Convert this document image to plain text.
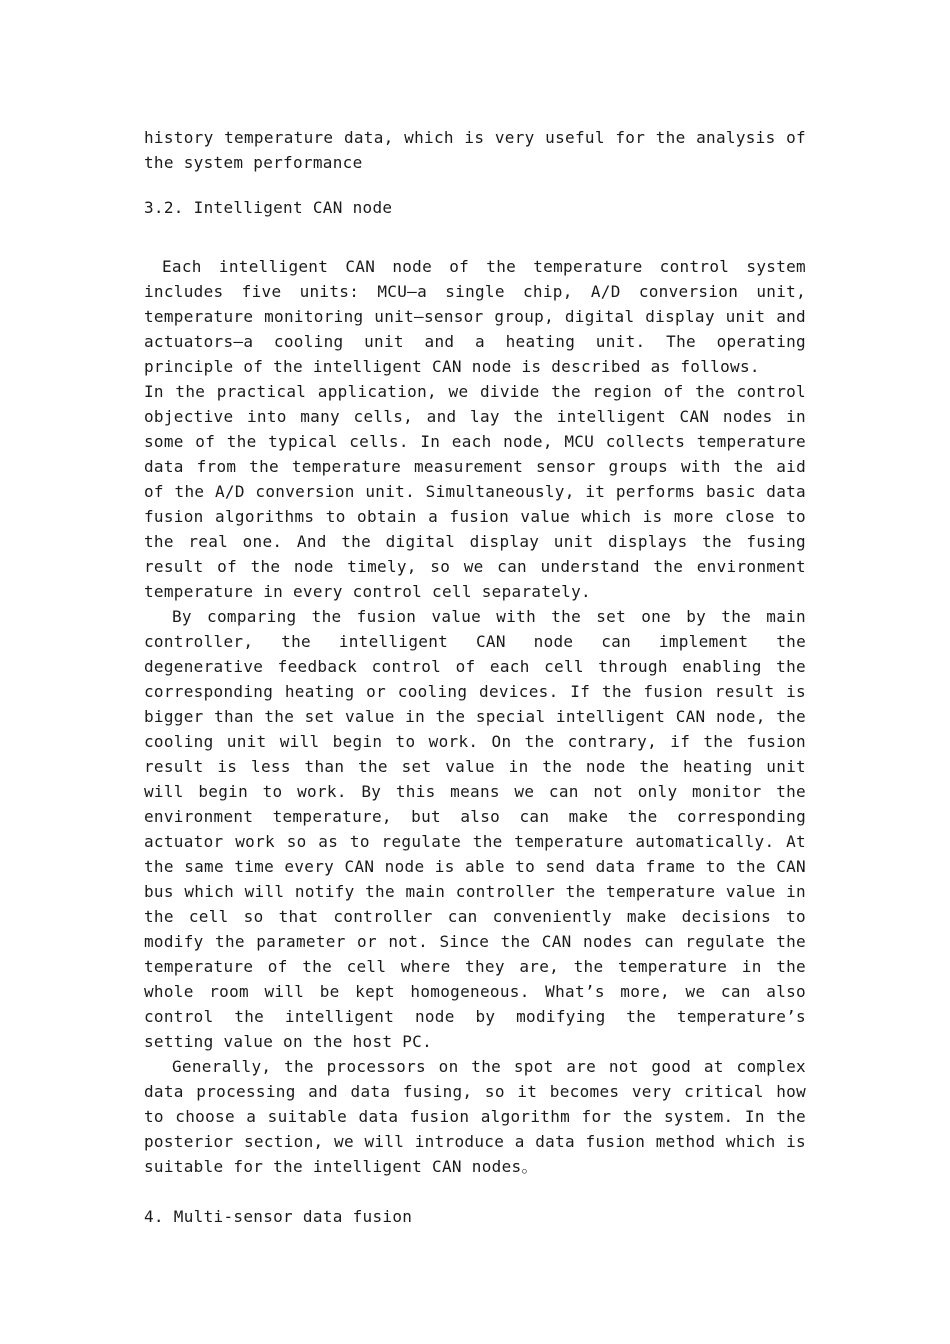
history temperature data, which is very useful for the analysis of the system performance

3.2. Intelligent CAN node

Each intelligent CAN node of the temperature control system includes five units: MCU—a single chip, A/D conversion unit, temperature monitoring unit—sensor group, digital display unit and actuators—a cooling unit and a heating unit. The operating principle of the intelligent CAN node is described as follows.

In the practical application, we divide the region of the control objective into many cells, and lay the intelligent CAN nodes in some of the typical cells. In each node, MCU collects temperature data from the temperature measurement sensor groups with the aid of the A/D conversion unit. Simultaneously, it performs basic data fusion algorithms to obtain a fusion value which is more close to the real one. And the digital display unit displays the fusing result of the node timely, so we can understand the environment temperature in every control cell separately.

By comparing the fusion value with the set one by the main controller, the intelligent CAN node can implement the degenerative feedback control of each cell through enabling the corresponding heating or cooling devices. If the fusion result is bigger than the set value in the special intelligent CAN node, the cooling unit will begin to work. On the contrary, if the fusion result is less than the set value in the node the heating unit will begin to work. By this means we can not only monitor the environment temperature, but also can make the corresponding actuator work so as to regulate the temperature automatically. At the same time every CAN node is able to send data frame to the CAN bus which will notify the main controller the temperature value in the cell so that controller can conveniently make decisions to modify the parameter or not. Since the CAN nodes can regulate the temperature of the cell where they are, the temperature in the whole room will be kept homogeneous. What’s more, we can also control the intelligent node by modifying the temperature’s setting value on the host PC.

Generally, the processors on the spot are not good at complex data processing and data fusing, so it becomes very critical how to choose a suitable data fusion algorithm for the system. In the posterior section, we will introduce a data fusion method which is suitable for the intelligent CAN nodes。

4. Multi-sensor data fusion
